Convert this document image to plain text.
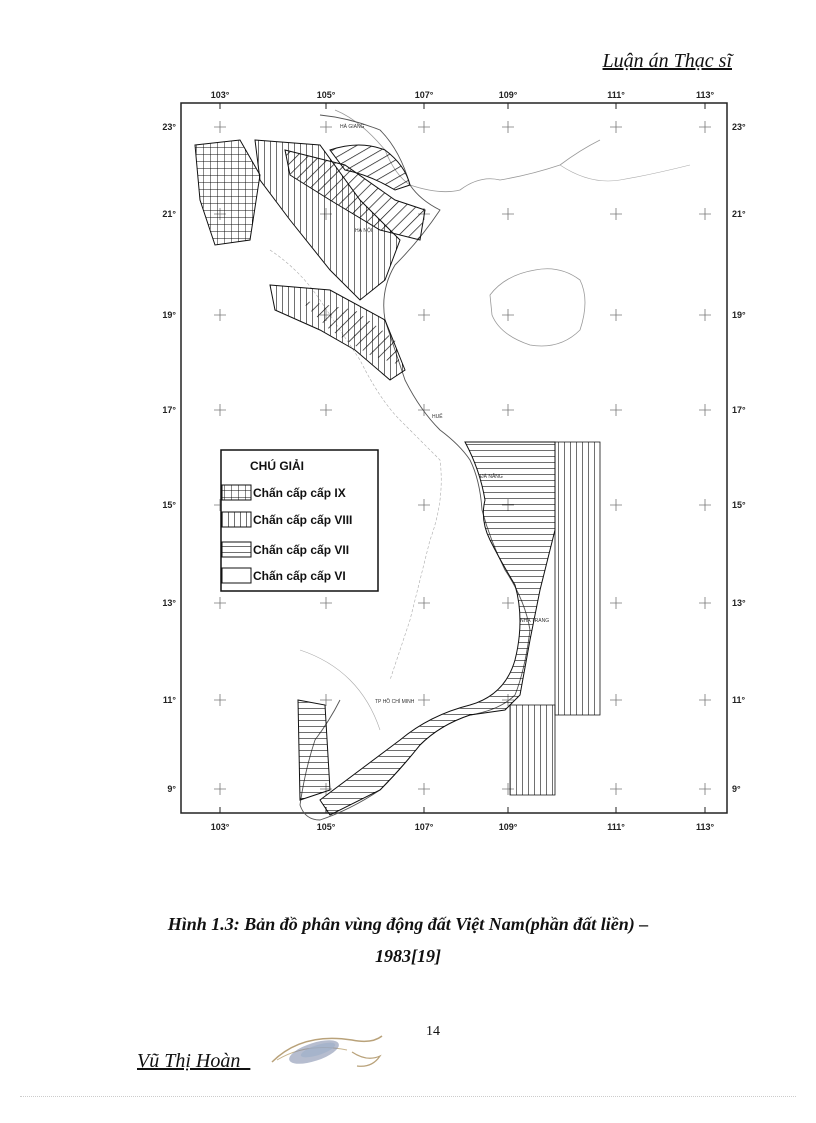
Luận án Thạc sĩ
103°	105°	107°	109°	111°	113°
103°	105°	107°	109°	111°	113°
23°
21°
19°
17°
15°
13°
11°
9°
23°
21°
19°
17°
15°
13°
11°
9°
HÀ GIANG
HÀ NỘI
HUẾ
ĐÀ NẴNG
NHA TRANG
TP HỒ CHÍ MINH
CHÚ GIẢI
Chấn cấp cấp IX
Chấn cấp cấp VIII
Chấn cấp cấp VII
Chấn cấp cấp VI
Hình 1.3: Bản đồ phân vùng động đất Việt Nam(phần đất liền) –
1983[19]
14
Vũ Thị Hoàn
